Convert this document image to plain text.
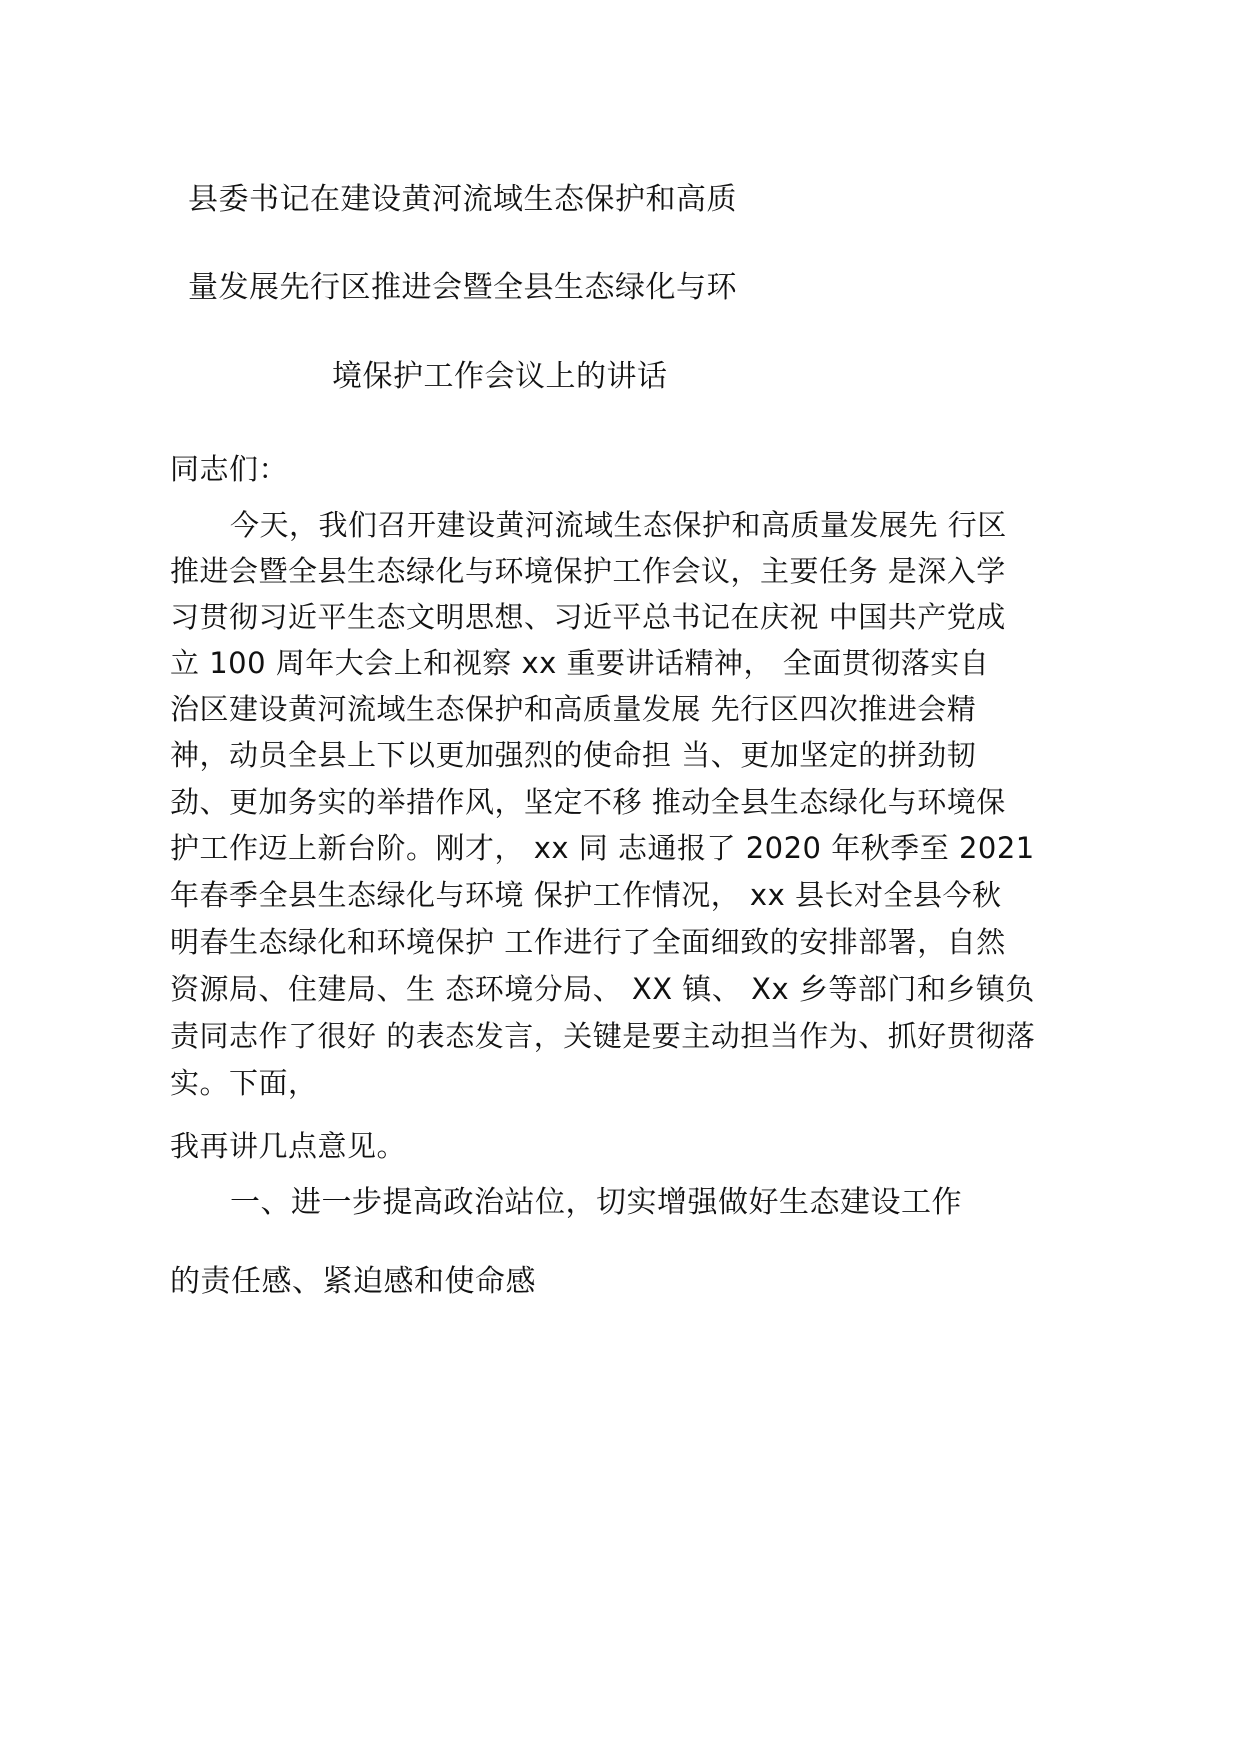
县委书记在建设黄河流域生态保护和高质
量发展先行区推进会暨全县生态绿化与环
境保护工作会议上的讲话
同志们：
今天，我们召开建设黄河流域生态保护和高质量发展先 行区
推进会暨全县生态绿化与环境保护工作会议，主要任务 是深入学
习贯彻习近平生态文明思想、习近平总书记在庆祝 中国共产党成
立 100 周年大会上和视察 xx 重要讲话精神， 全面贯彻落实自
治区建设黄河流域生态保护和高质量发展 先行区四次推进会精
神，动员全县上下以更加强烈的使命担 当、更加坚定的拼劲韧
劲、更加务实的举措作风，坚定不移 推动全县生态绿化与环境保
护工作迈上新台阶。刚才， xx 同 志通报了 2020 年秋季至 2021
年春季全县生态绿化与环境 保护工作情况， xx 县长对全县今秋
明春生态绿化和环境保护 工作进行了全面细致的安排部署，自然
资源局、住建局、生 态环境分局、 XX 镇、 Xx 乡等部门和乡镇负
责同志作了很好 的表态发言，关键是要主动担当作为、抓好贯彻落
实。下面，
我再讲几点意见。
一、进一步提高政治站位，切实增强做好生态建设工作
的责任感、紧迫感和使命感
